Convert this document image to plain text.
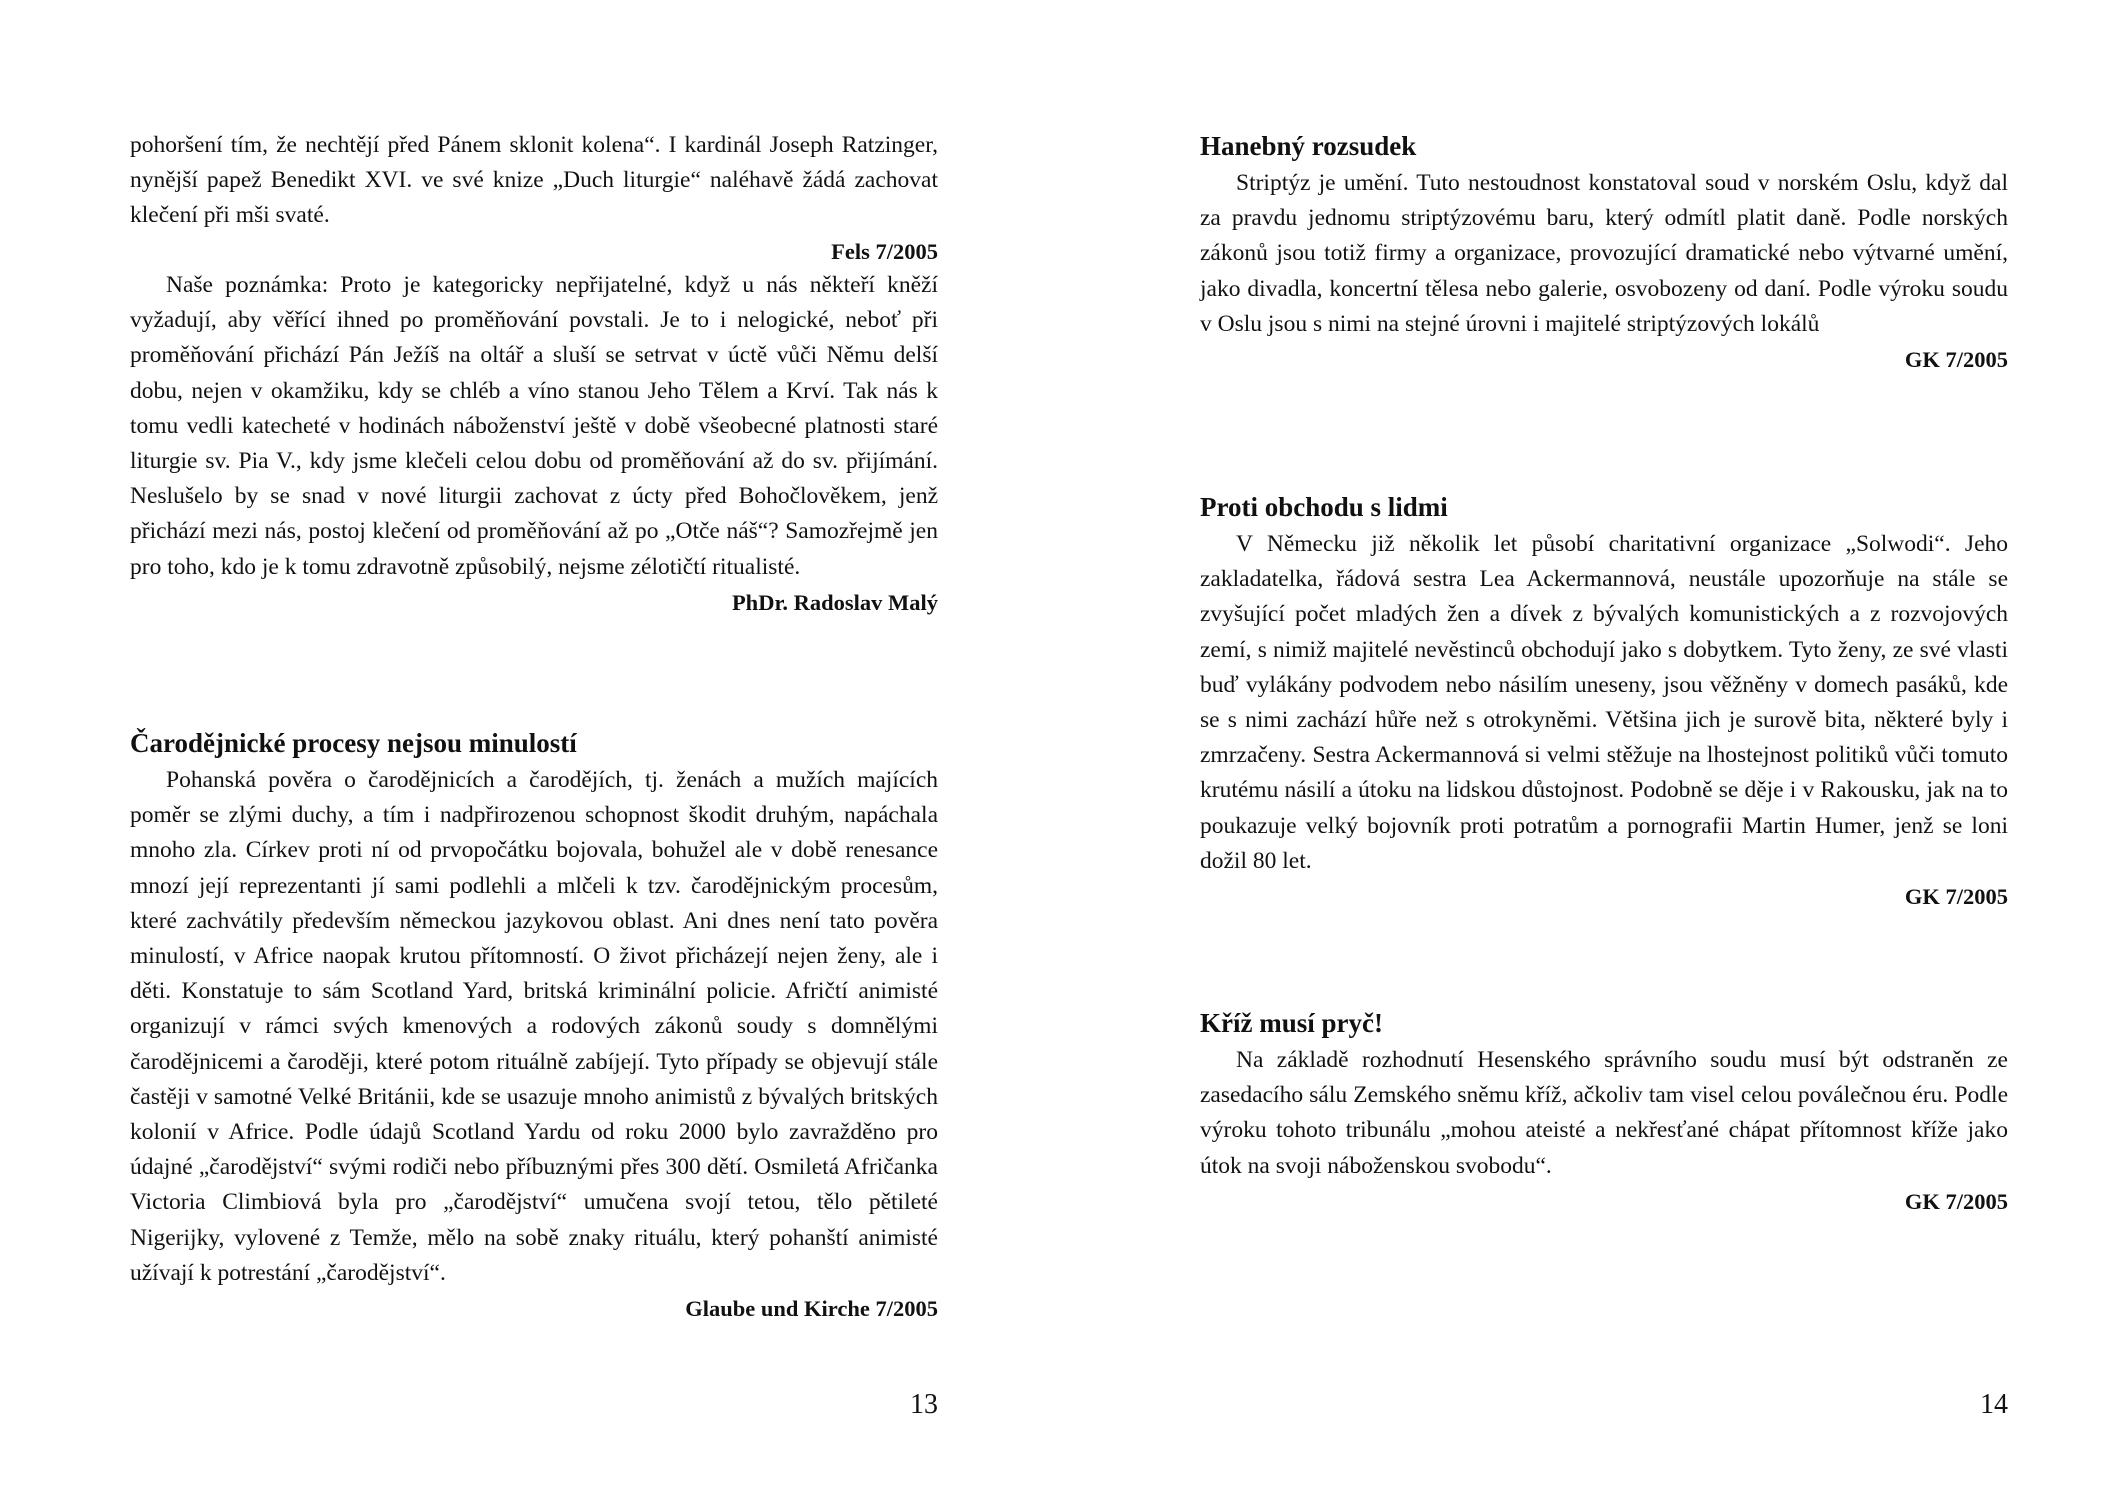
pohoršení tím, že nechtějí před Pánem sklonit kolena“. I kardinál Joseph Ratzinger, nynější papež Benedikt XVI. ve své knize „Duch liturgie“ naléhavě žádá zachovat klečení při mši svaté.

Fels 7/2005

Naše poznámka: Proto je kategoricky nepřijatelné, když u nás někteří kněží vyžadují, aby věřící ihned po proměňování povstali. Je to i nelogické, neboť při proměňování přichází Pán Ježíš na oltář a sluší se setrvat v úctě vůči Němu delší dobu, nejen v okamžiku, kdy se chléb a víno stanou Jeho Tělem a Krví. Tak nás k tomu vedli katecheté v hodinách náboženství ještě v době všeobecné platnosti staré liturgie sv. Pia V., kdy jsme klečeli celou dobu od proměňování až do sv. přijímání. Neslušelo by se snad v nové liturgii zachovat z úcty před Bohočlověkem, jenž přichází mezi nás, postoj klečení od proměňování až po „Otče náš“? Samozřejmě jen pro toho, kdo je k tomu zdravotně způsobilý, nejsme zélotičtí ritualisté.

PhDr. Radoslav Malý

Čarodějnické procesy nejsou minulostí

Pohanská pověra o čarodějnicích a čarodějích, tj. ženách a mužích majících poměr se zlými duchy, a tím i nadpřirozenou schopnost škodit druhým, napáchala mnoho zla. Církev proti ní od prvopočátku bojovala, bohužel ale v době renesance mnozí její reprezentanti jí sami podlehli a mlčeli k tzv. čarodějnickým procesům, které zachvátily především německou jazykovou oblast. Ani dnes není tato pověra minulostí, v Africe naopak krutou přítomností. O život přicházejí nejen ženy, ale i děti. Konstatuje to sám Scotland Yard, britská kriminální policie. Afričtí animisté organizují v rámci svých kmenových a rodových zákonů soudy s domnělými čarodějnicemi a čaroději, které potom rituálně zabíjejí. Tyto případy se objevují stále častěji v samotné Velké Británii, kde se usazuje mnoho animistů z bývalých britských kolonií v Africe. Podle údajů Scotland Yardu od roku 2000 bylo zavražděno pro údajné „čarodějství“ svými rodiči nebo příbuznými přes 300 dětí. Osmiletá Afričanka Victoria Climbiová byla pro „čarodějství“ umučena svojí tetou, tělo pětileté Nigerijky, vylovené z Temže, mělo na sobě znaky rituálu, který pohanští animisté užívají k potrestání „čarodějství“.

Glaube und Kirche 7/2005

13
Hanebný rozsudek

Striptýz je umění. Tuto nestoudnost konstatoval soud v norském Oslu, když dal za pravdu jednomu striptýzovému baru, který odmítl platit daně. Podle norských zákonů jsou totiž firmy a organizace, provozující dramatické nebo výtvarné umění, jako divadla, koncertní tělesa nebo galerie, osvobozeny od daní. Podle výroku soudu v Oslu jsou s nimi na stejné úrovni i majitelé striptýzových lokálů

GK 7/2005

Proti obchodu s lidmi

V Německu již několik let působí charitativní organizace „Solwodi“. Jeho zakladatelka, řádová sestra Lea Ackermannová, neustále upozorňuje na stále se zvyšující počet mladých žen a dívek z bývalých komunistických a z rozvojových zemí, s nimiž majitelé nevěstinců obchodují jako s dobytkem. Tyto ženy, ze své vlasti buď vylákány podvodem nebo násilím uneseny, jsou věžněny v domech pasáků, kde se s nimi zachází hůře než s otrokyněmi. Většina jich je surově bita, některé byly i zmrzačeny. Sestra Ackermannová si velmi stěžuje na lhostejnost politiků vůči tomuto krutému násilí a útoku na lidskou důstojnost. Podobně se děje i v Rakousku, jak na to poukazuje velký bojovník proti potratům a pornografii Martin Humer, jenž se loni dožil 80 let.

GK 7/2005

Kříž musí pryč!

Na základě rozhodnutí Hesenského správního soudu musí být odstraněn ze zasedacího sálu Zemského sněmu kříž, ačkoliv tam visel celou poválečnou éru. Podle výroku tohoto tribunálu „mohou ateisté a nekřesťané chápat přítomnost kříže jako útok na svoji náboženskou svobodu“.

GK 7/2005

14
